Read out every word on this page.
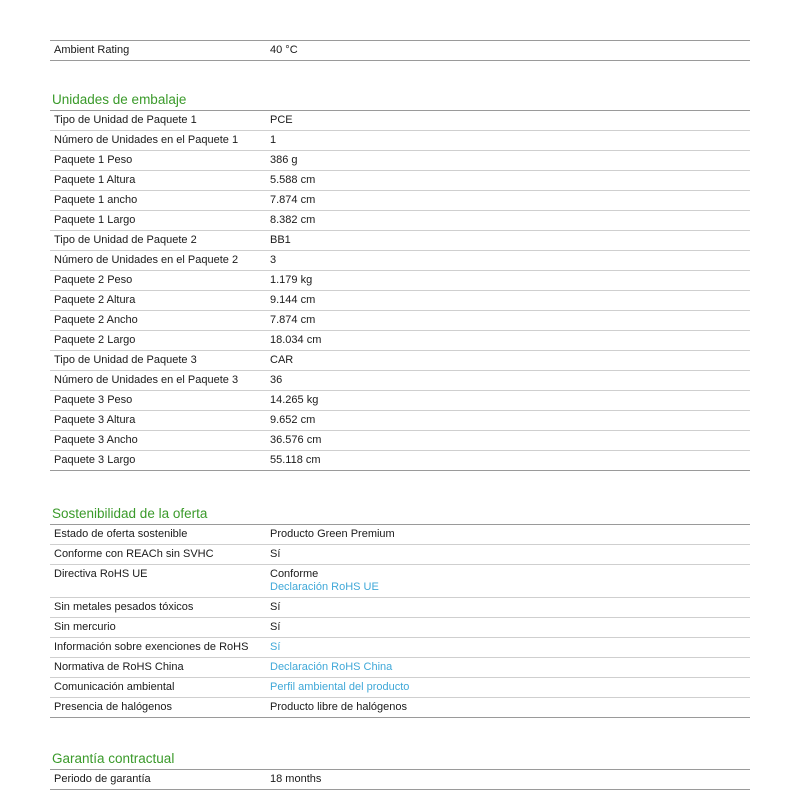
Ambient Rating	40 °C
Unidades de embalaje
Tipo de Unidad de Paquete 1	PCE

Número de Unidades en el Paquete 1	1

Paquete 1 Peso	386 g

Paquete 1 Altura	5.588 cm

Paquete 1 ancho	7.874 cm

Paquete 1 Largo	8.382 cm

Tipo de Unidad de Paquete 2	BB1

Número de Unidades en el Paquete 2	3

Paquete 2 Peso	1.179 kg

Paquete 2 Altura	9.144 cm

Paquete 2 Ancho	7.874 cm

Paquete 2 Largo	18.034 cm

Tipo de Unidad de Paquete 3	CAR

Número de Unidades en el Paquete 3	36

Paquete 3 Peso	14.265 kg

Paquete 3 Altura	9.652 cm

Paquete 3 Ancho	36.576 cm

Paquete 3 Largo	55.118 cm
Sostenibilidad de la oferta
Estado de oferta sostenible	Producto Green Premium

Conforme con REACh sin SVHC	Sí

Directiva RoHS UE	Conforme
Declaración RoHS UE

Sin metales pesados tóxicos	Sí

Sin mercurio	Sí

Información sobre exenciones de RoHS	Sí

Normativa de RoHS China	Declaración RoHS China

Comunicación ambiental	Perfil ambiental del producto

Presencia de halógenos	Producto libre de halógenos
Garantía contractual
Periodo de garantía	18 months
